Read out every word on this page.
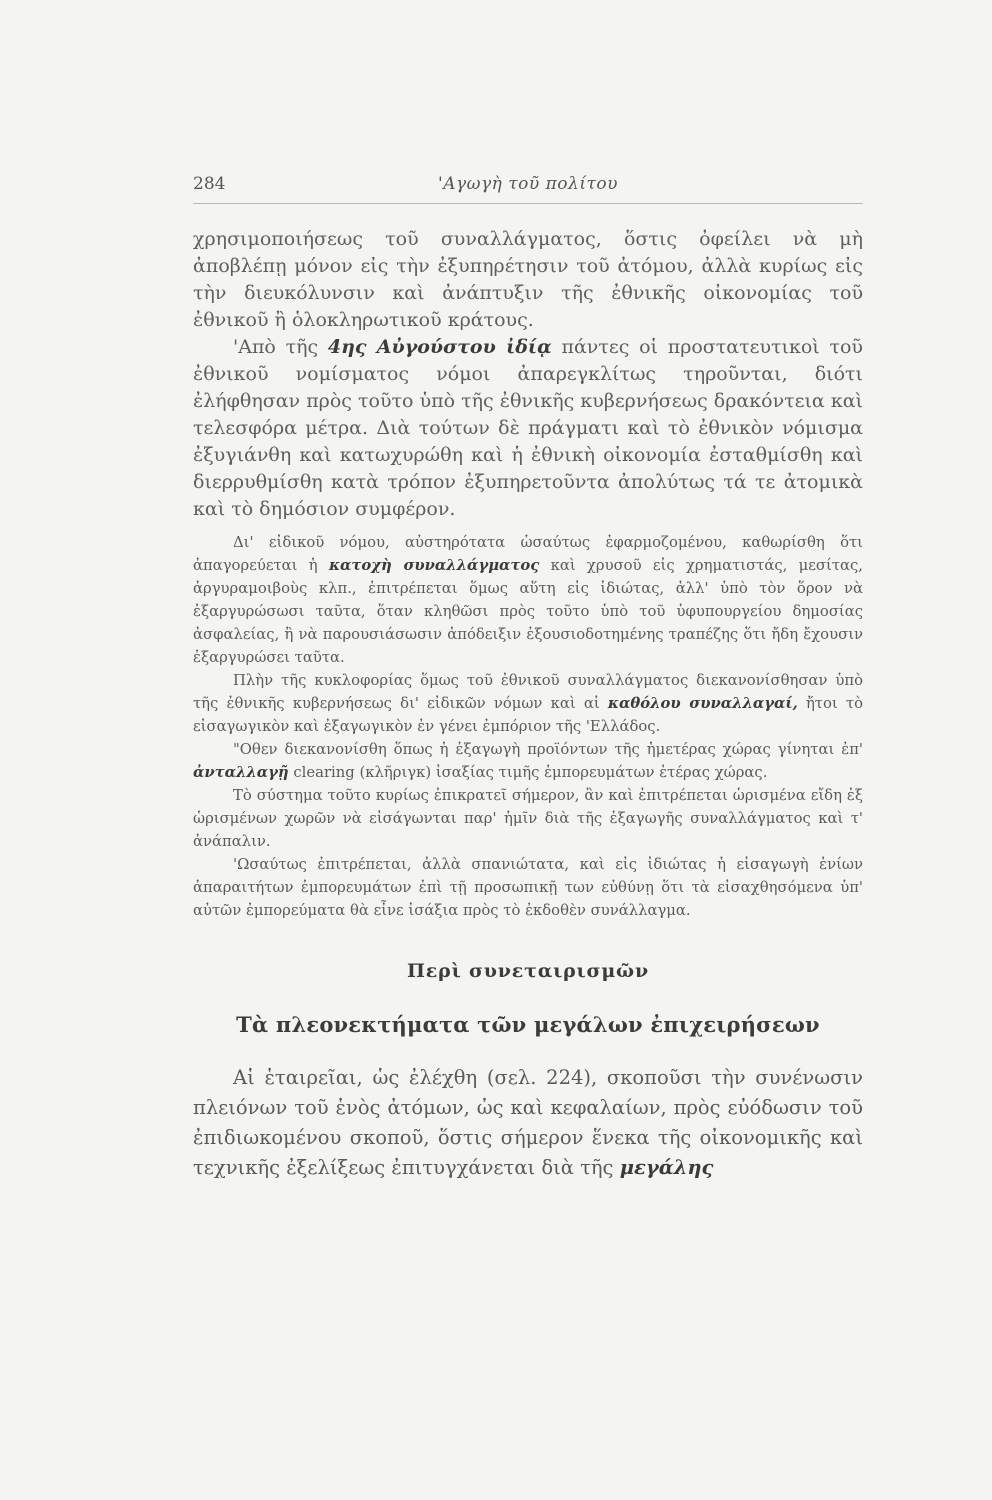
284	'Αγωγὴ τοῦ πολίτου

χρησιμοποιήσεως τοῦ συναλλάγματος, ὅστις ὀφείλει νὰ μὴ ἀποβλέπῃ μόνον εἰς τὴν ἐξυπηρέτησιν τοῦ ἀτόμου, ἀλλὰ κυρίως εἰς τὴν διευκόλυνσιν καὶ ἀνάπτυξιν τῆς ἐθνικῆς οἰκονομίας τοῦ ἐθνικοῦ ἢ ὁλοκληρωτικοῦ κράτους.

'Απὸ τῆς 4ης Αὐγούστου ἰδίᾳ πάντες οἱ προστατευτικοὶ τοῦ ἐθνικοῦ νομίσματος νόμοι ἀπαρεγκλίτως τηροῦνται, διότι ἐλήφθησαν πρὸς τοῦτο ὑπὸ τῆς ἐθνικῆς κυβερνήσεως δρακόντεια καὶ τελεσφόρα μέτρα. Διὰ τούτων δὲ πράγματι καὶ τὸ ἐθνικὸν νόμισμα ἐξυγιάνθη καὶ κατωχυρώθη καὶ ἡ ἐθνικὴ οἰκονομία ἐσταθμίσθη καὶ διερρυθμίσθη κατὰ τρόπον ἐξυπηρετοῦντα ἀπολύτως τά τε ἀτομικὰ καὶ τὸ δημόσιον συμφέρον.

Δι' εἰδικοῦ νόμου, αὐστηρότατα ὡσαύτως ἐφαρμοζομένου, καθωρίσθη ὅτι ἀπαγορεύεται ἡ κατοχὴ συναλλάγματος καὶ χρυσοῦ εἰς χρηματιστάς, μεσίτας, ἀργυραμοιβοὺς κλπ., ἐπιτρέπεται ὅμως αὕτη εἰς ἰδιώτας, ἀλλ' ὑπὸ τὸν ὅρον νὰ ἐξαργυρώσωσι ταῦτα, ὅταν κληθῶσι πρὸς τοῦτο ὑπὸ τοῦ ὑφυπουργείου δημοσίας ἀσφαλείας, ἢ νὰ παρουσιάσωσιν ἀπόδειξιν ἐξουσιοδοτημένης τραπέζης ὅτι ἤδη ἔχουσιν ἐξαργυρώσει ταῦτα.

Πλὴν τῆς κυκλοφορίας ὅμως τοῦ ἐθνικοῦ συναλλάγματος διεκανονίσθησαν ὑπὸ τῆς ἐθνικῆς κυβερνήσεως δι' εἰδικῶν νόμων καὶ αἱ καθόλου συναλλαγαί, ἤτοι τὸ εἰσαγωγικὸν καὶ ἐξαγωγικὸν ἐν γένει ἐμπόριον τῆς 'Ελλάδος.

"Οθεν διεκανονίσθη ὅπως ἡ ἐξαγωγὴ προϊόντων τῆς ἡμετέρας χώρας γίνηται ἐπ' ἀνταλλαγῇ clearing (κλῆριγκ) ἰσαξίας τιμῆς ἐμπορευμάτων ἑτέρας χώρας.

Τὸ σύστημα τοῦτο κυρίως ἐπικρατεῖ σήμερον, ἂν καὶ ἐπιτρέπεται ὡρισμένα εἴδη ἐξ ὡρισμένων χωρῶν νὰ εἰσάγωνται παρ' ἡμῖν διὰ τῆς ἐξαγωγῆς συναλλάγματος καὶ τ' ἀνάπαλιν.

'Ωσαύτως ἐπιτρέπεται, ἀλλὰ σπανιώτατα, καὶ εἰς ἰδιώτας ἡ εἰσαγωγὴ ἐνίων ἀπαραιτήτων ἐμπορευμάτων ἐπὶ τῇ προσωπικῇ των εὐθύνῃ ὅτι τὰ εἰσαχθησόμενα ὑπ' αὐτῶν ἐμπορεύματα θὰ εἶνε ἰσάξια πρὸς τὸ ἐκδοθὲν συνάλλαγμα.

Περὶ συνεταιρισμῶν
Τὰ πλεονεκτήματα τῶν μεγάλων ἐπιχειρήσεων

Αἱ ἑταιρεῖαι, ὡς ἐλέχθη (σελ. 224), σκοποῦσι τὴν συνένωσιν πλειόνων τοῦ ἑνὸς ἀτόμων, ὡς καὶ κεφαλαίων, πρὸς εὐόδωσιν τοῦ ἐπιδιωκομένου σκοποῦ, ὅστις σήμερον ἕνεκα τῆς οἰκονομικῆς καὶ τεχνικῆς ἐξελίξεως ἐπιτυγχάνεται διὰ τῆς μεγάλης
